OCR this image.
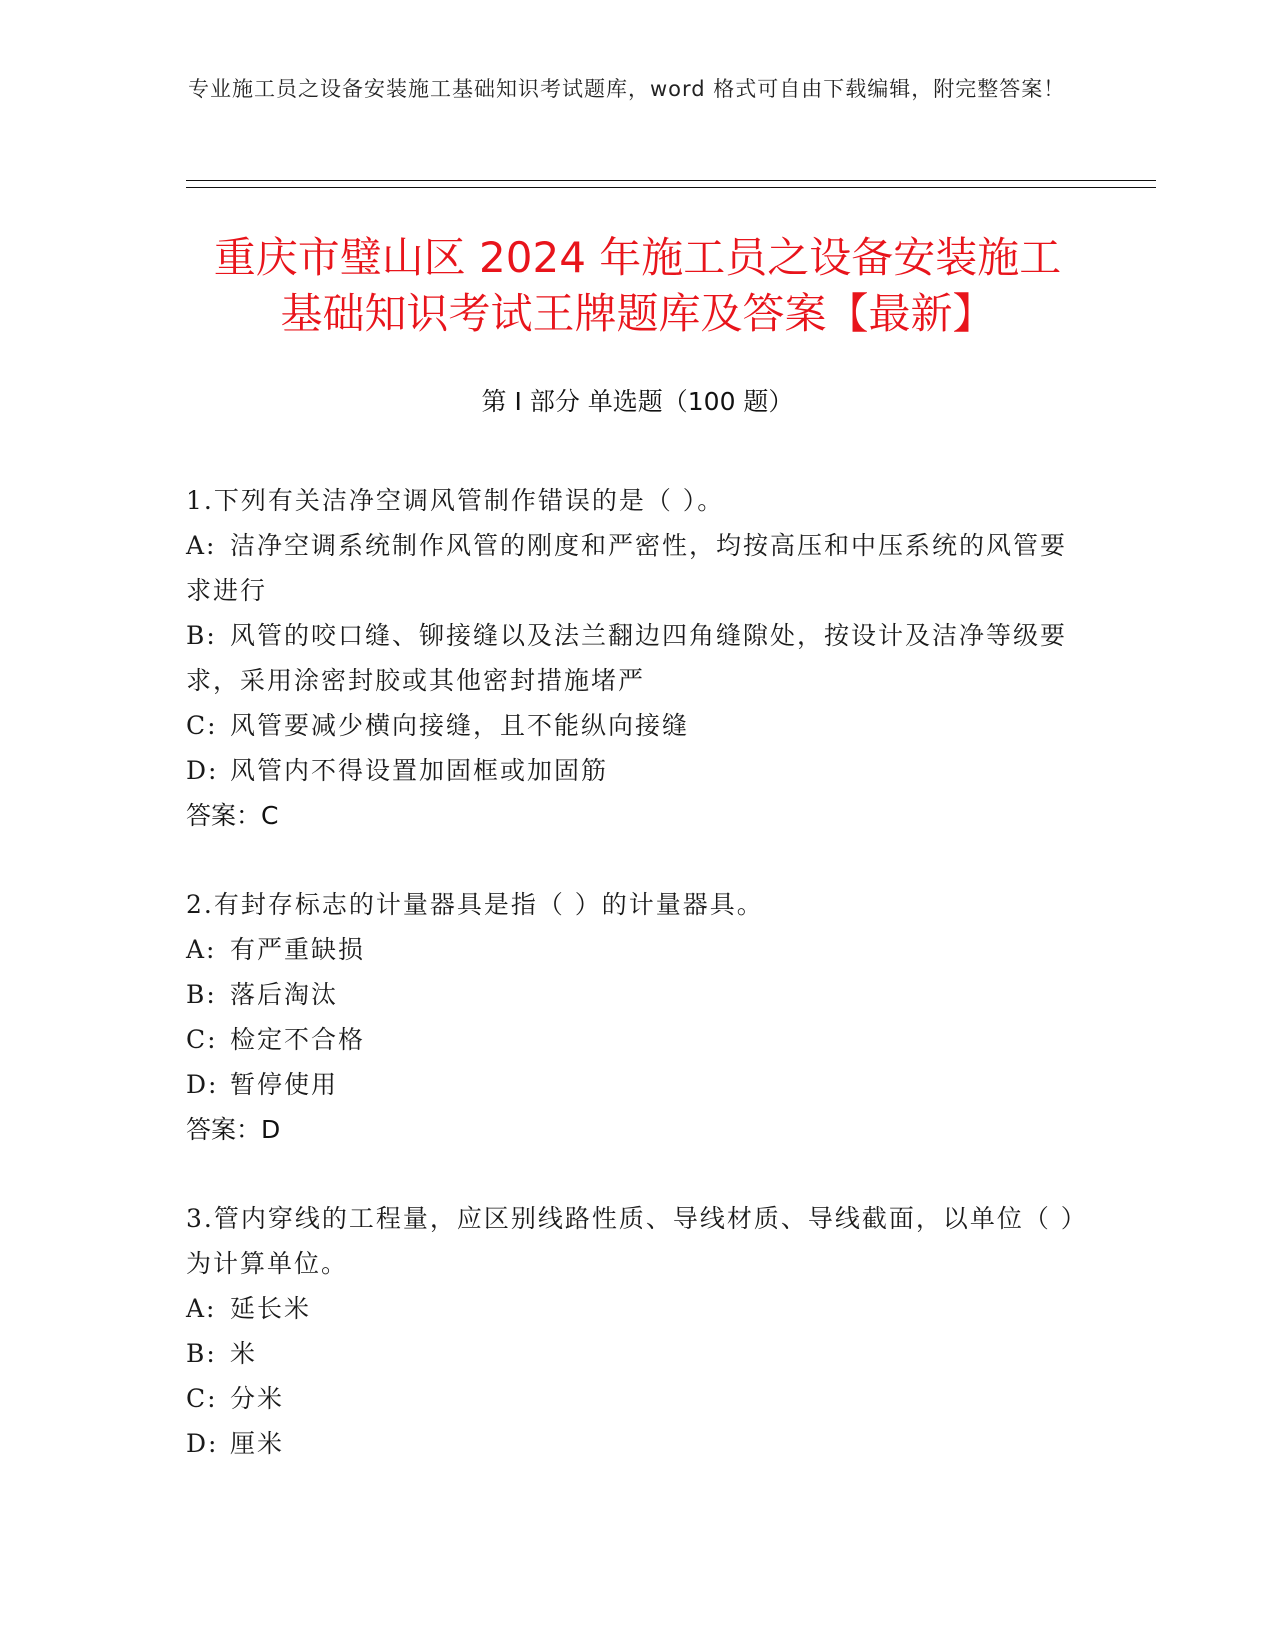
专业施工员之设备安装施工基础知识考试题库，word 格式可自由下载编辑，附完整答案！
重庆市璧山区 2024 年施工员之设备安装施工
基础知识考试王牌题库及答案【最新】
第 I 部分 单选题（100 题）
1.下列有关洁净空调风管制作错误的是（ ）。
A: 洁净空调系统制作风管的刚度和严密性，均按高压和中压系统的风管要求进行
B: 风管的咬口缝、铆接缝以及法兰翻边四角缝隙处，按设计及洁净等级要求，采用涂密封胶或其他密封措施堵严
C: 风管要减少横向接缝，且不能纵向接缝
D: 风管内不得设置加固框或加固筋
答案：C
2.有封存标志的计量器具是指（ ）的计量器具。
A: 有严重缺损
B: 落后淘汰
C: 检定不合格
D: 暂停使用
答案：D
3.管内穿线的工程量，应区别线路性质、导线材质、导线截面，以单位（ ）为计算单位。
A: 延长米
B: 米
C: 分米
D: 厘米
